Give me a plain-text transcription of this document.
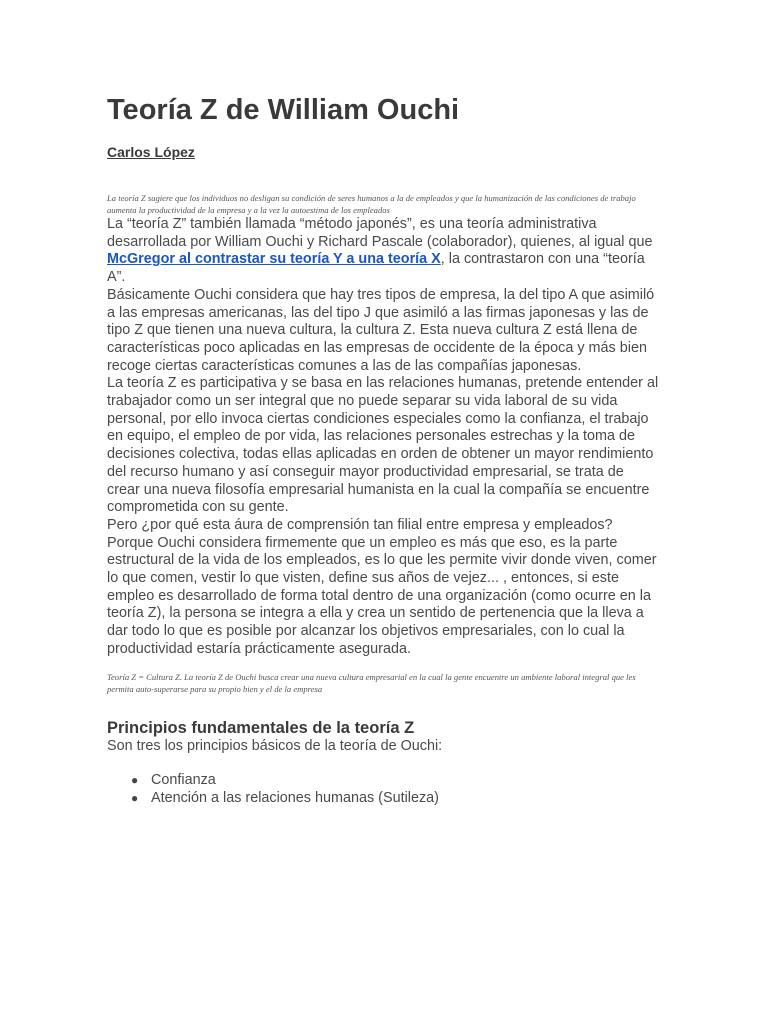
Teoría Z de William Ouchi
Carlos López

La teoría Z sugiere que los individuos no desligan su condición de seres humanos a la de empleados y que la humanización de las condiciones de trabajo aumenta la productividad de la empresa y a la vez la autoestima de los empleados

La “teoría Z” también llamada “método japonés”, es una teoría administrativa desarrollada por William Ouchi y Richard Pascale (colaborador), quienes, al igual que McGregor al contrastar su teoría Y a una teoría X, la contrastaron con una “teoría A”.

Básicamente Ouchi considera que hay tres tipos de empresa, la del tipo A que asimiló a las empresas americanas, las del tipo J que asimiló a las firmas japonesas y las de tipo Z que tienen una nueva cultura, la cultura Z. Esta nueva cultura Z está llena de características poco aplicadas en las empresas de occidente de la época y más bien recoge ciertas características comunes a las de las compañías japonesas.

La teoría Z es participativa y se basa en las relaciones humanas, pretende entender al trabajador como un ser integral que no puede separar su vida laboral de su vida personal, por ello invoca ciertas condiciones especiales como la confianza, el trabajo en equipo, el empleo de por vida, las relaciones personales estrechas y la toma de decisiones colectiva, todas ellas aplicadas en orden de obtener un mayor rendimiento del recurso humano y así conseguir mayor productividad empresarial, se trata de crear una nueva filosofía empresarial humanista en la cual la compañía se encuentre comprometida con su gente.

Pero ¿por qué esta áura de comprensión tan filial entre empresa y empleados? Porque Ouchi considera firmemente que un empleo es más que eso, es la parte estructural de la vida de los empleados, es lo que les permite vivir donde viven, comer lo que comen, vestir lo que visten, define sus años de vejez... , entonces, si este empleo es desarrollado de forma total dentro de una organización (como ocurre en la teoría Z), la persona se integra a ella y crea un sentido de pertenencia que la lleva a dar todo lo que es posible por alcanzar los objetivos empresariales, con lo cual la productividad estaría prácticamente asegurada.

Teoría Z = Cultura Z. La teoría Z de Ouchi busca crear una nueva cultura empresarial en la cual la gente encuentre un ambiente laboral integral que les permita auto-superarse para su propio bien y el de la empresa

Principios fundamentales de la teoría Z

Son tres los principios básicos de la teoría de Ouchi:

● Confianza
● Atención a las relaciones humanas (Sutileza)
